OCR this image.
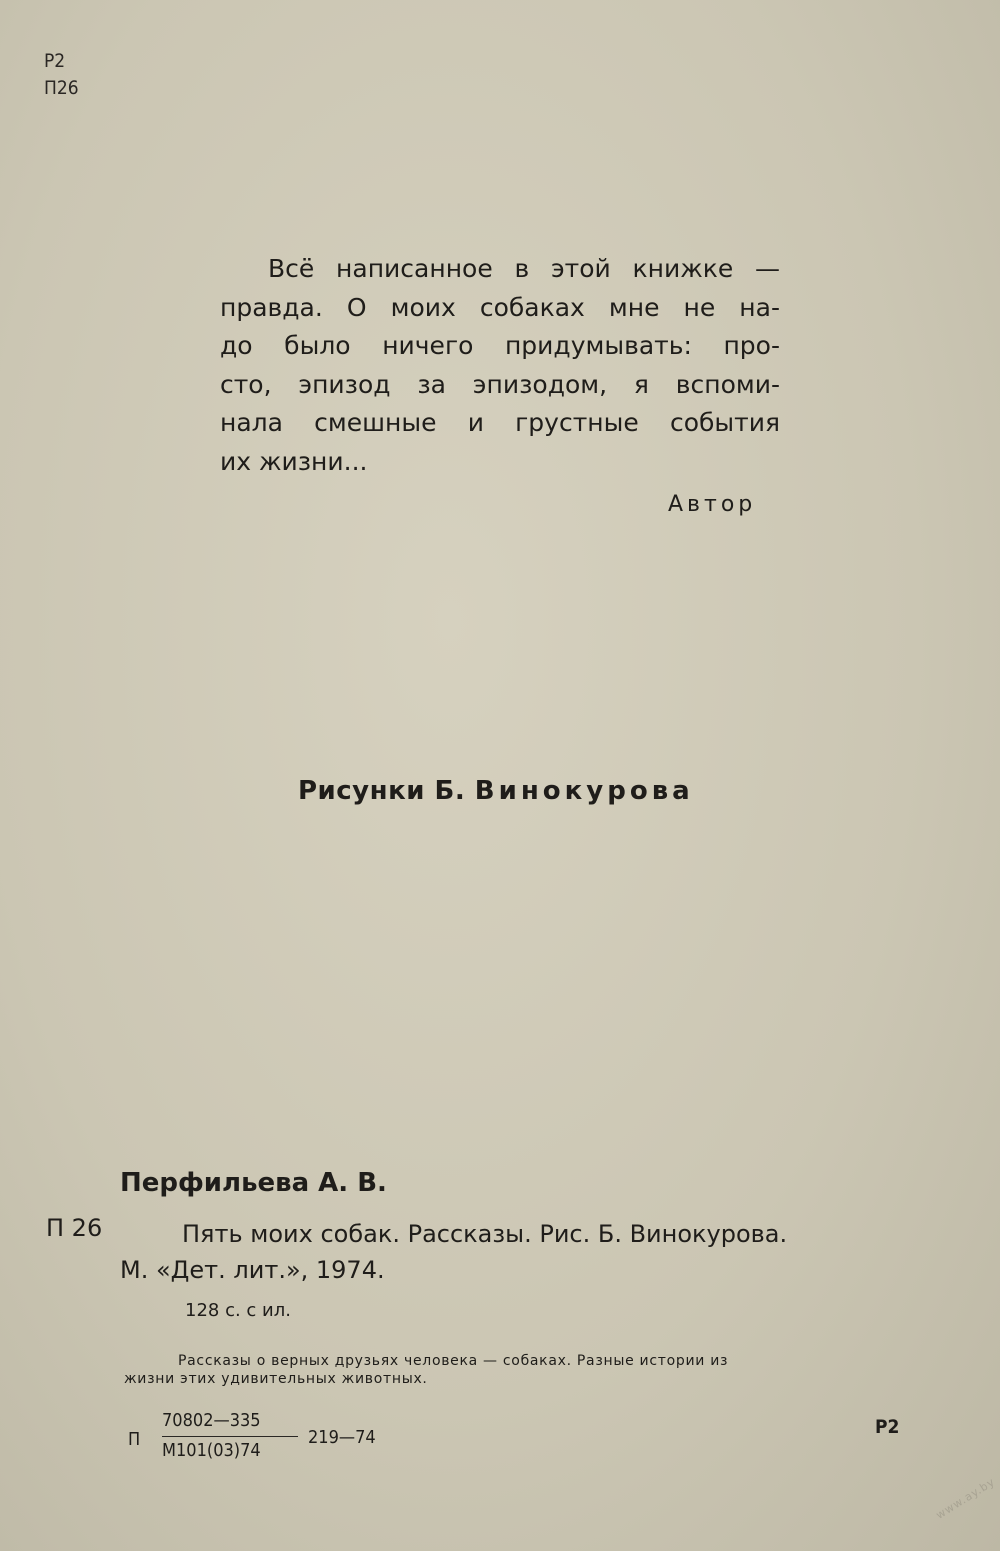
Р2
П26
Всё написанное в этой книжке —
правда. О моих собаках мне не на-
до было ничего придумывать: про-
сто, эпизод за эпизодом, я вспоми-
нала смешные и грустные события
их жизни...
Автор
Рисунки Б. Винокурова
Перфильева А. В.
П 26	Пять моих собак. Рассказы. Рис. Б. Винокурова.
М. «Дет. лит.», 1974.
128 с. с ил.
Рассказы о верных друзьях человека — собаках. Разные истории из
жизни этих удивительных животных.
П
70802—335
М101(03)74
219—74	Р2
www.ay.by
